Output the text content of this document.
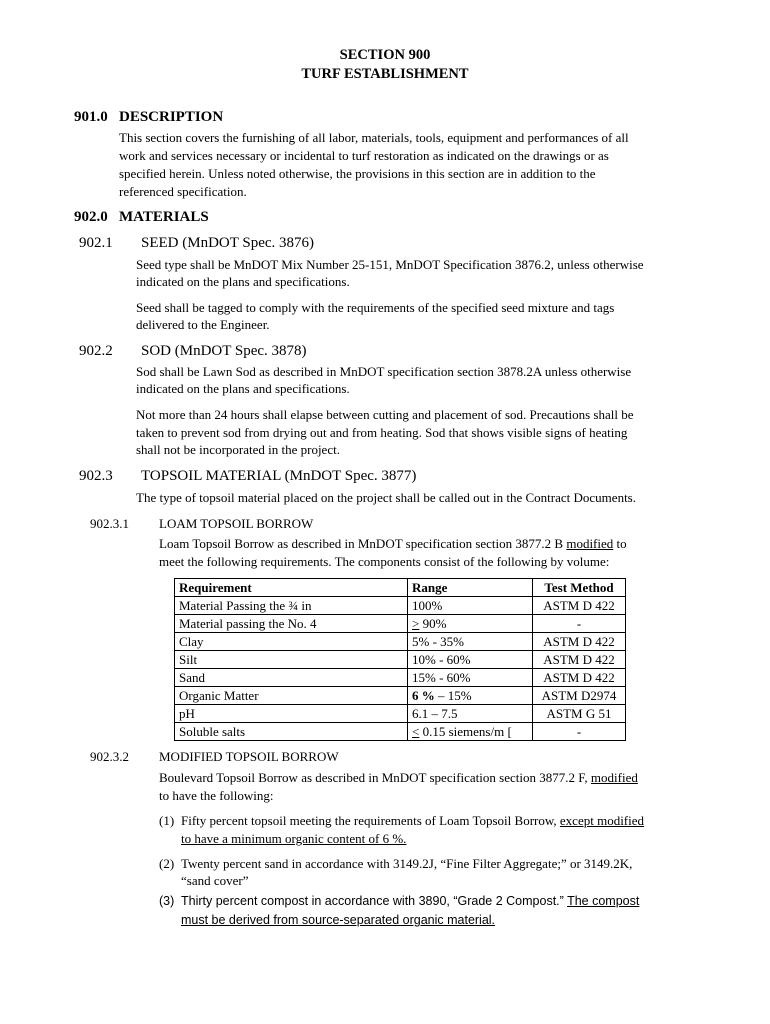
SECTION 900
TURF ESTABLISHMENT
901.0 DESCRIPTION
This section covers the furnishing of all labor, materials, tools, equipment and performances of all
work and services necessary or incidental to turf restoration as indicated on the drawings or as
specified herein. Unless noted otherwise, the provisions in this section are in addition to the
referenced specification.
902.0 MATERIALS
902.1 SEED (MnDOT Spec. 3876)
Seed type shall be MnDOT Mix Number 25-151, MnDOT Specification 3876.2, unless otherwise
indicated on the plans and specifications.
Seed shall be tagged to comply with the requirements of the specified seed mixture and tags
delivered to the Engineer.
902.2 SOD (MnDOT Spec. 3878)
Sod shall be Lawn Sod as described in MnDOT specification section 3878.2A unless otherwise
indicated on the plans and specifications.
Not more than 24 hours shall elapse between cutting and placement of sod. Precautions shall be
taken to prevent sod from drying out and from heating. Sod that shows visible signs of heating
shall not be incorporated in the project.
902.3 TOPSOIL MATERIAL (MnDOT Spec. 3877)
The type of topsoil material placed on the project shall be called out in the Contract Documents.
902.3.1 LOAM TOPSOIL BORROW
Loam Topsoil Borrow as described in MnDOT specification section 3877.2 B modified to
meet the following requirements. The components consist of the following by volume:
Requirement	Range	Test Method
Material Passing the ¾ in	100%	ASTM D 422
Material passing the No. 4	≥ 90%	-
Clay	5% - 35%	ASTM D 422
Silt	10% - 60%	ASTM D 422
Sand	15% - 60%	ASTM D 422
Organic Matter	6 % – 15%	ASTM D2974
pH	6.1 – 7.5	ASTM G 51
Soluble salts	≤ 0.15 siemens/m [	-
902.3.2 MODIFIED TOPSOIL BORROW
Boulevard Topsoil Borrow as described in MnDOT specification section 3877.2 F, modified
to have the following:
(1) Fifty percent topsoil meeting the requirements of Loam Topsoil Borrow, except modified
to have a minimum organic content of 6 %.
(2) Twenty percent sand in accordance with 3149.2J, “Fine Filter Aggregate;” or 3149.2K,
“sand cover”
(3) Thirty percent compost in accordance with 3890, “Grade 2 Compost.” The compost
must be derived from source-separated organic material.
